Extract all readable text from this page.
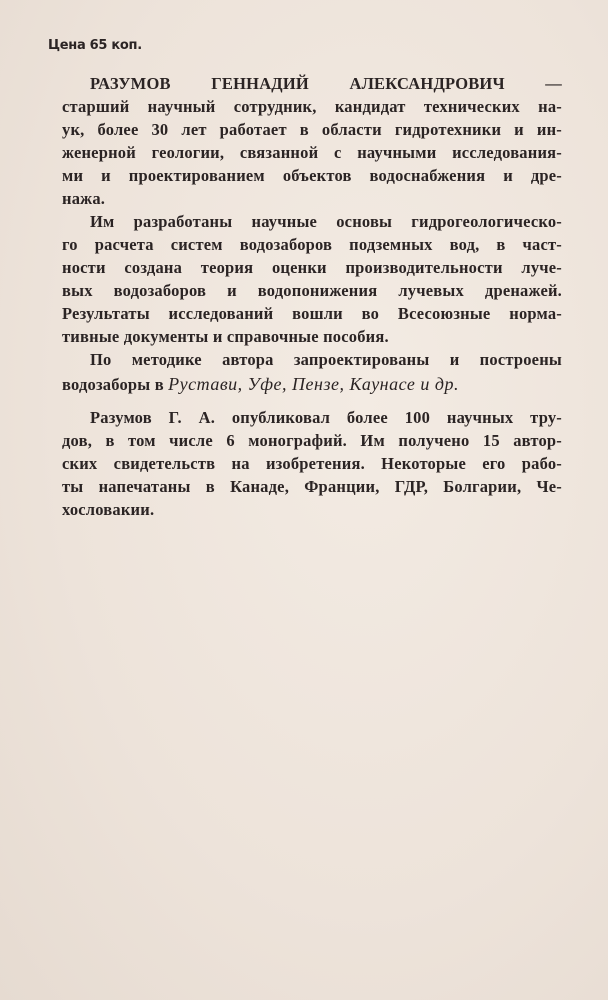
Цена 65 коп.
РАЗУМОВ ГЕННАДИЙ АЛЕКСАНДРОВИЧ —
старший научный сотрудник, кандидат технических на-
ук, более 30 лет работает в области гидротехники и ин-
женерной геологии, связанной с научными исследования-
ми и проектированием объектов водоснабжения и дре-
нажа.
Им разработаны научные основы гидрогеологическо-
го расчета систем водозаборов подземных вод, в част-
ности создана теория оценки производительности луче-
вых водозаборов и водопонижения лучевых дренажей.
Результаты исследований вошли во Всесоюзные норма-
тивные документы и справочные пособия.
По методике автора запроектированы и построены
водозаборы в Рустави, Уфе, Пензе, Каунасе и др.
Разумов Г. А. опубликовал более 100 научных тру-
дов, в том числе 6 монографий. Им получено 15 автор-
ских свидетельств на изобретения. Некоторые его рабо-
ты напечатаны в Канаде, Франции, ГДР, Болгарии, Че-
хословакии.
